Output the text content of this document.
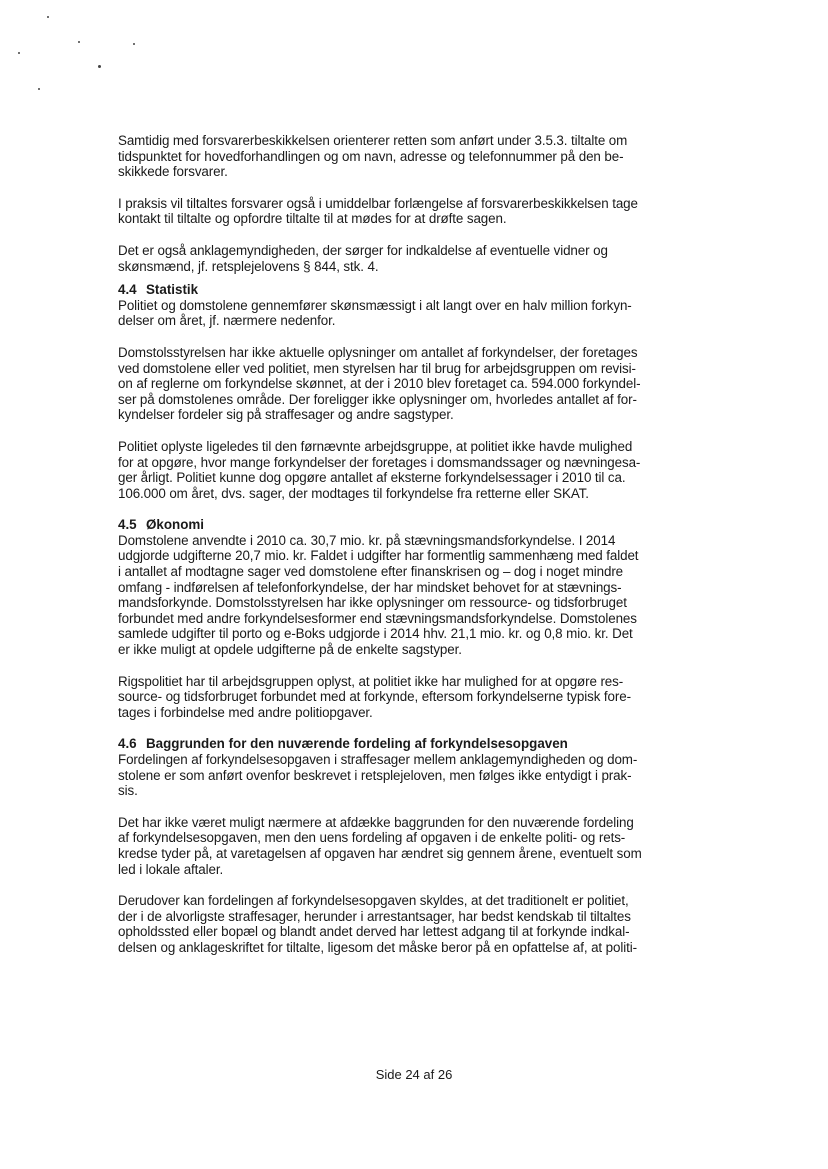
Samtidig med forsvarerbeskikkelsen orienterer retten som anført under 3.5.3. tiltalte om
tidspunktet for hovedforhandlingen og om navn, adresse og telefonnummer på den be-
skikkede forsvarer.

I praksis vil tiltaltes forsvarer også i umiddelbar forlængelse af forsvarerbeskikkelsen tage
kontakt til tiltalte og opfordre tiltalte til at mødes for at drøfte sagen.

Det er også anklagemyndigheden, der sørger for indkaldelse af eventuelle vidner og
skønsmænd, jf. retsplejelovens § 844, stk. 4.

4.4 Statistik

Politiet og domstolene gennemfører skønsmæssigt i alt langt over en halv million forkyn-
delser om året, jf. nærmere nedenfor.

Domstolsstyrelsen har ikke aktuelle oplysninger om antallet af forkyndelser, der foretages
ved domstolene eller ved politiet, men styrelsen har til brug for arbejdsgruppen om revisi-
on af reglerne om forkyndelse skønnet, at der i 2010 blev foretaget ca. 594.000 forkyndel-
ser på domstolenes område. Der foreligger ikke oplysninger om, hvorledes antallet af for-
kyndelser fordeler sig på straffesager og andre sagstyper.

Politiet oplyste ligeledes til den førnævnte arbejdsgruppe, at politiet ikke havde mulighed
for at opgøre, hvor mange forkyndelser der foretages i domsmandssager og nævningesa-
ger årligt. Politiet kunne dog opgøre antallet af eksterne forkyndelsessager i 2010 til ca.
106.000 om året, dvs. sager, der modtages til forkyndelse fra retterne eller SKAT.

4.5 Økonomi

Domstolene anvendte i 2010 ca. 30,7 mio. kr. på stævningsmandsforkyndelse. I 2014
udgjorde udgifterne 20,7 mio. kr. Faldet i udgifter har formentlig sammenhæng med faldet
i antallet af modtagne sager ved domstolene efter finanskrisen og – dog i noget mindre
omfang - indførelsen af telefonforkyndelse, der har mindsket behovet for at stævnings-
mandsforkynde. Domstolsstyrelsen har ikke oplysninger om ressource- og tidsforbruget
forbundet med andre forkyndelsesformer end stævningsmandsforkyndelse. Domstolenes
samlede udgifter til porto og e-Boks udgjorde i 2014 hhv. 21,1 mio. kr. og 0,8 mio. kr. Det
er ikke muligt at opdele udgifterne på de enkelte sagstyper.

Rigspolitiet har til arbejdsgruppen oplyst, at politiet ikke har mulighed for at opgøre res-
source- og tidsforbruget forbundet med at forkynde, eftersom forkyndelserne typisk fore-
tages i forbindelse med andre politiopgaver.

4.6 Baggrunden for den nuværende fordeling af forkyndelsesopgaven

Fordelingen af forkyndelsesopgaven i straffesager mellem anklagemyndigheden og dom-
stolene er som anført ovenfor beskrevet i retsplejeloven, men følges ikke entydigt i prak-
sis.

Det har ikke været muligt nærmere at afdække baggrunden for den nuværende fordeling
af forkyndelsesopgaven, men den uens fordeling af opgaven i de enkelte politi- og rets-
kredse tyder på, at varetagelsen af opgaven har ændret sig gennem årene, eventuelt som
led i lokale aftaler.

Derudover kan fordelingen af forkyndelsesopgaven skyldes, at det traditionelt er politiet,
der i de alvorligste straffesager, herunder i arrestantsager, har bedst kendskab til tiltaltes
opholdssted eller bopæl og blandt andet derved har lettest adgang til at forkynde indkal-
delsen og anklageskriftet for tiltalte, ligesom det måske beror på en opfattelse af, at politi-

Side 24 af 26
